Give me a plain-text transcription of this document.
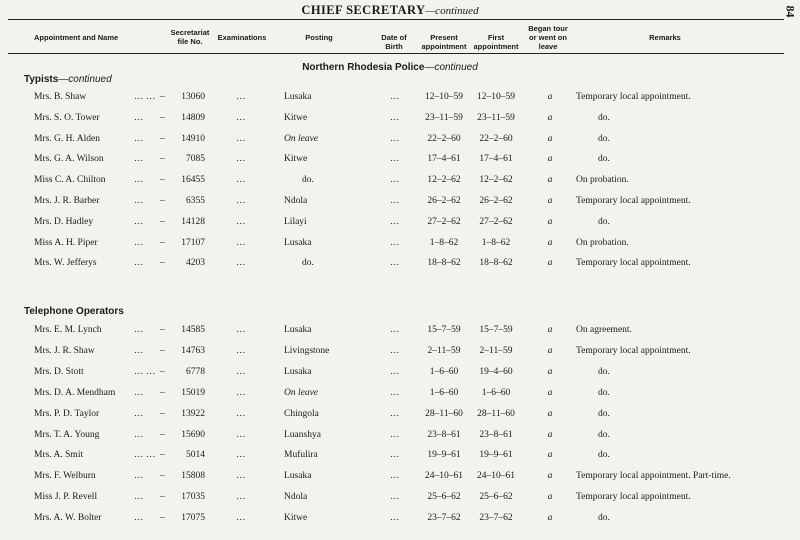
CHIEF SECRETARY—continued	84
Appointment and Name
Secretariat
file No.	Examinations	Posting	Date of
Birth
Present
appointment
First
appointment
Began tour
or went on
leave
Remarks
Northern Rhodesia Police—continued
Typists—continued
Mrs. B. Shaw	… … –	13060	…	Lusaka	…	12–10–59	12–10–59	a	Temporary local appointment.
Mrs. S. O. Tower	… –	14809	…	Kitwe	…	23–11–59	23–11–59	a	do.
Mrs. G. H. Alden	… –	14910	…	On leave	…	22–2–60	22–2–60	a	do.
Mrs. G. A. Wilson	… –	7085	…	Kitwe	…	17–4–61	17–4–61	a	do.
Miss C. A. Chilton	… –	16455	…	do.	…	12–2–62	12–2–62	a	On probation.
Mrs. J. R. Barber	… –	6355	…	Ndola	…	26–2–62	26–2–62	a	Temporary local appointment.
Mrs. D. Hadley	… –	14128	…	Lilayi	…	27–2–62	27–2–62	a	do.
Miss A. H. Piper	… –	17107	…	Lusaka	…	1–8–62	1–8–62	a	On probation.
Mrs. W. Jefferys	… –	4203	…	do.	…	18–8–62	18–8–62	a	Temporary local appointment.
Telephone Operators
Mrs. E. M. Lynch	… –	14585	…	Lusaka	…	15–7–59	15–7–59	a	On agreement.
Mrs. J. R. Shaw	… –	14763	…	Livingstone	…	2–11–59	2–11–59	a	Temporary local appointment.
Mrs. D. Stott	… … –	6778	…	Lusaka	…	1–6–60	19–4–60	a	do.
Mrs. D. A. Mendham … –	15019	…	On leave	…	1–6–60	1–6–60	a	do.
Mrs. P. D. Taylor	… –	13922	…	Chingola	…	28–11–60	28–11–60	a	do.
Mrs. T. A. Young	… –	15690	…	Luanshya	…	23–8–61	23–8–61	a	do.
Mrs. A. Smit	… … –	5014	…	Mufulira	…	19–9–61	19–9–61	a	do.
Mrs. F. Welburn	… –	15808	…	Lusaka	…	24–10–61	24–10–61	a	Temporary local appointment. Part-time.
Miss J. P. Revell	… –	17035	…	Ndola	…	25–6–62	25–6–62	a	Temporary local appointment.
Mrs. A. W. Bolter	… –	17075	…	Kitwe	…	23–7–62	23–7–62	a	do.
